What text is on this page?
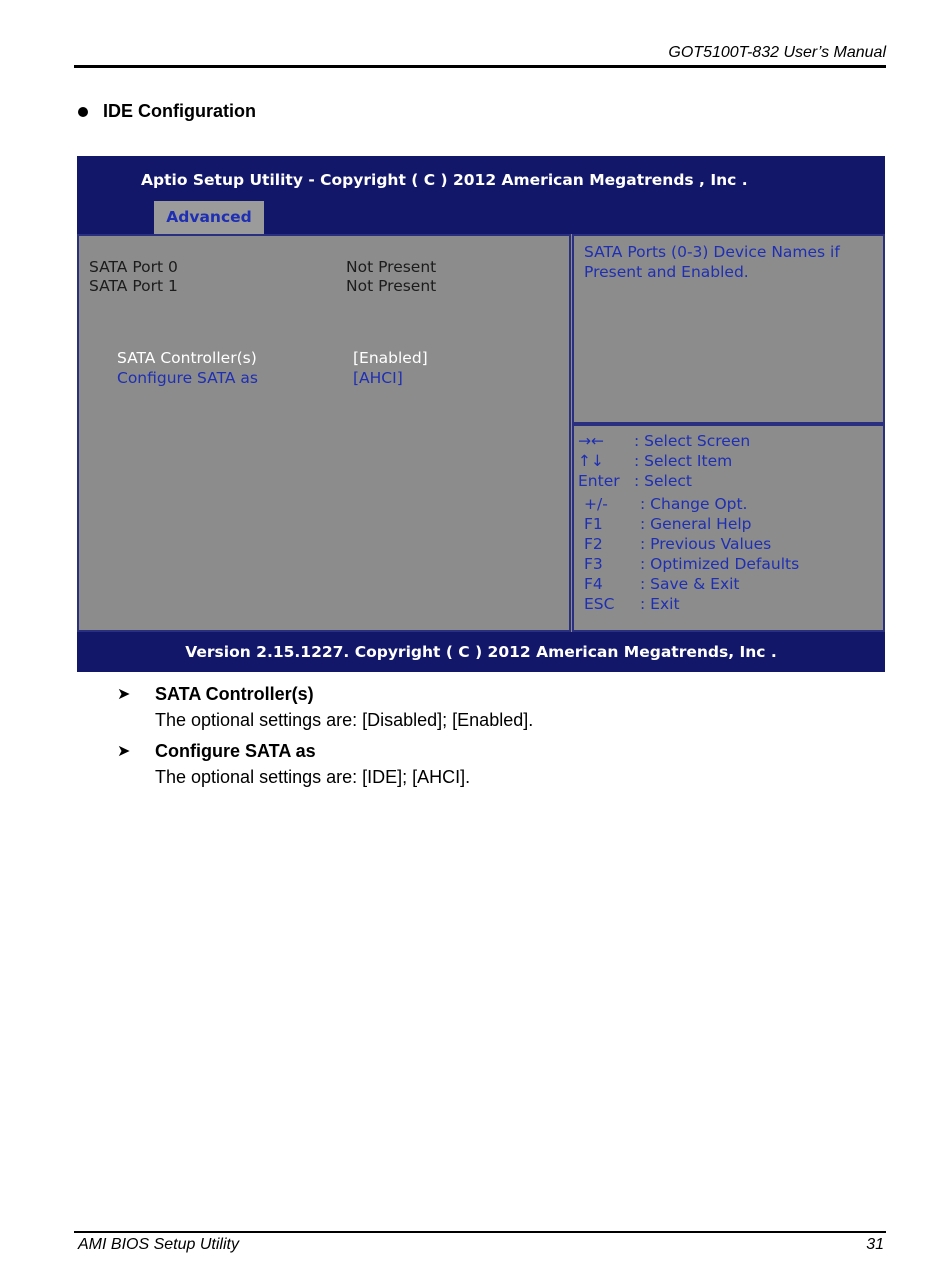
GOT5100T-832 User’s Manual
IDE Configuration
Aptio Setup Utility - Copyright ( C ) 2012 American Megatrends , Inc .
Advanced
SATA Port 0	Not Present
SATA Port 1	Not Present
SATA Controller(s)	[Enabled]
Configure SATA as	[AHCI]
SATA Ports (0-3) Device Names if Present and Enabled.
→← : Select Screen
↑↓ : Select Item
Enter : Select
+/- : Change Opt.
F1 : General Help
F2 : Previous Values
F3 : Optimized Defaults
F4 : Save & Exit
ESC : Exit
Version 2.15.1227. Copyright ( C ) 2012 American Megatrends, Inc .
➤ SATA Controller(s)
The optional settings are: [Disabled]; [Enabled].
➤ Configure SATA as
The optional settings are: [IDE]; [AHCI].
AMI BIOS Setup Utility	31
